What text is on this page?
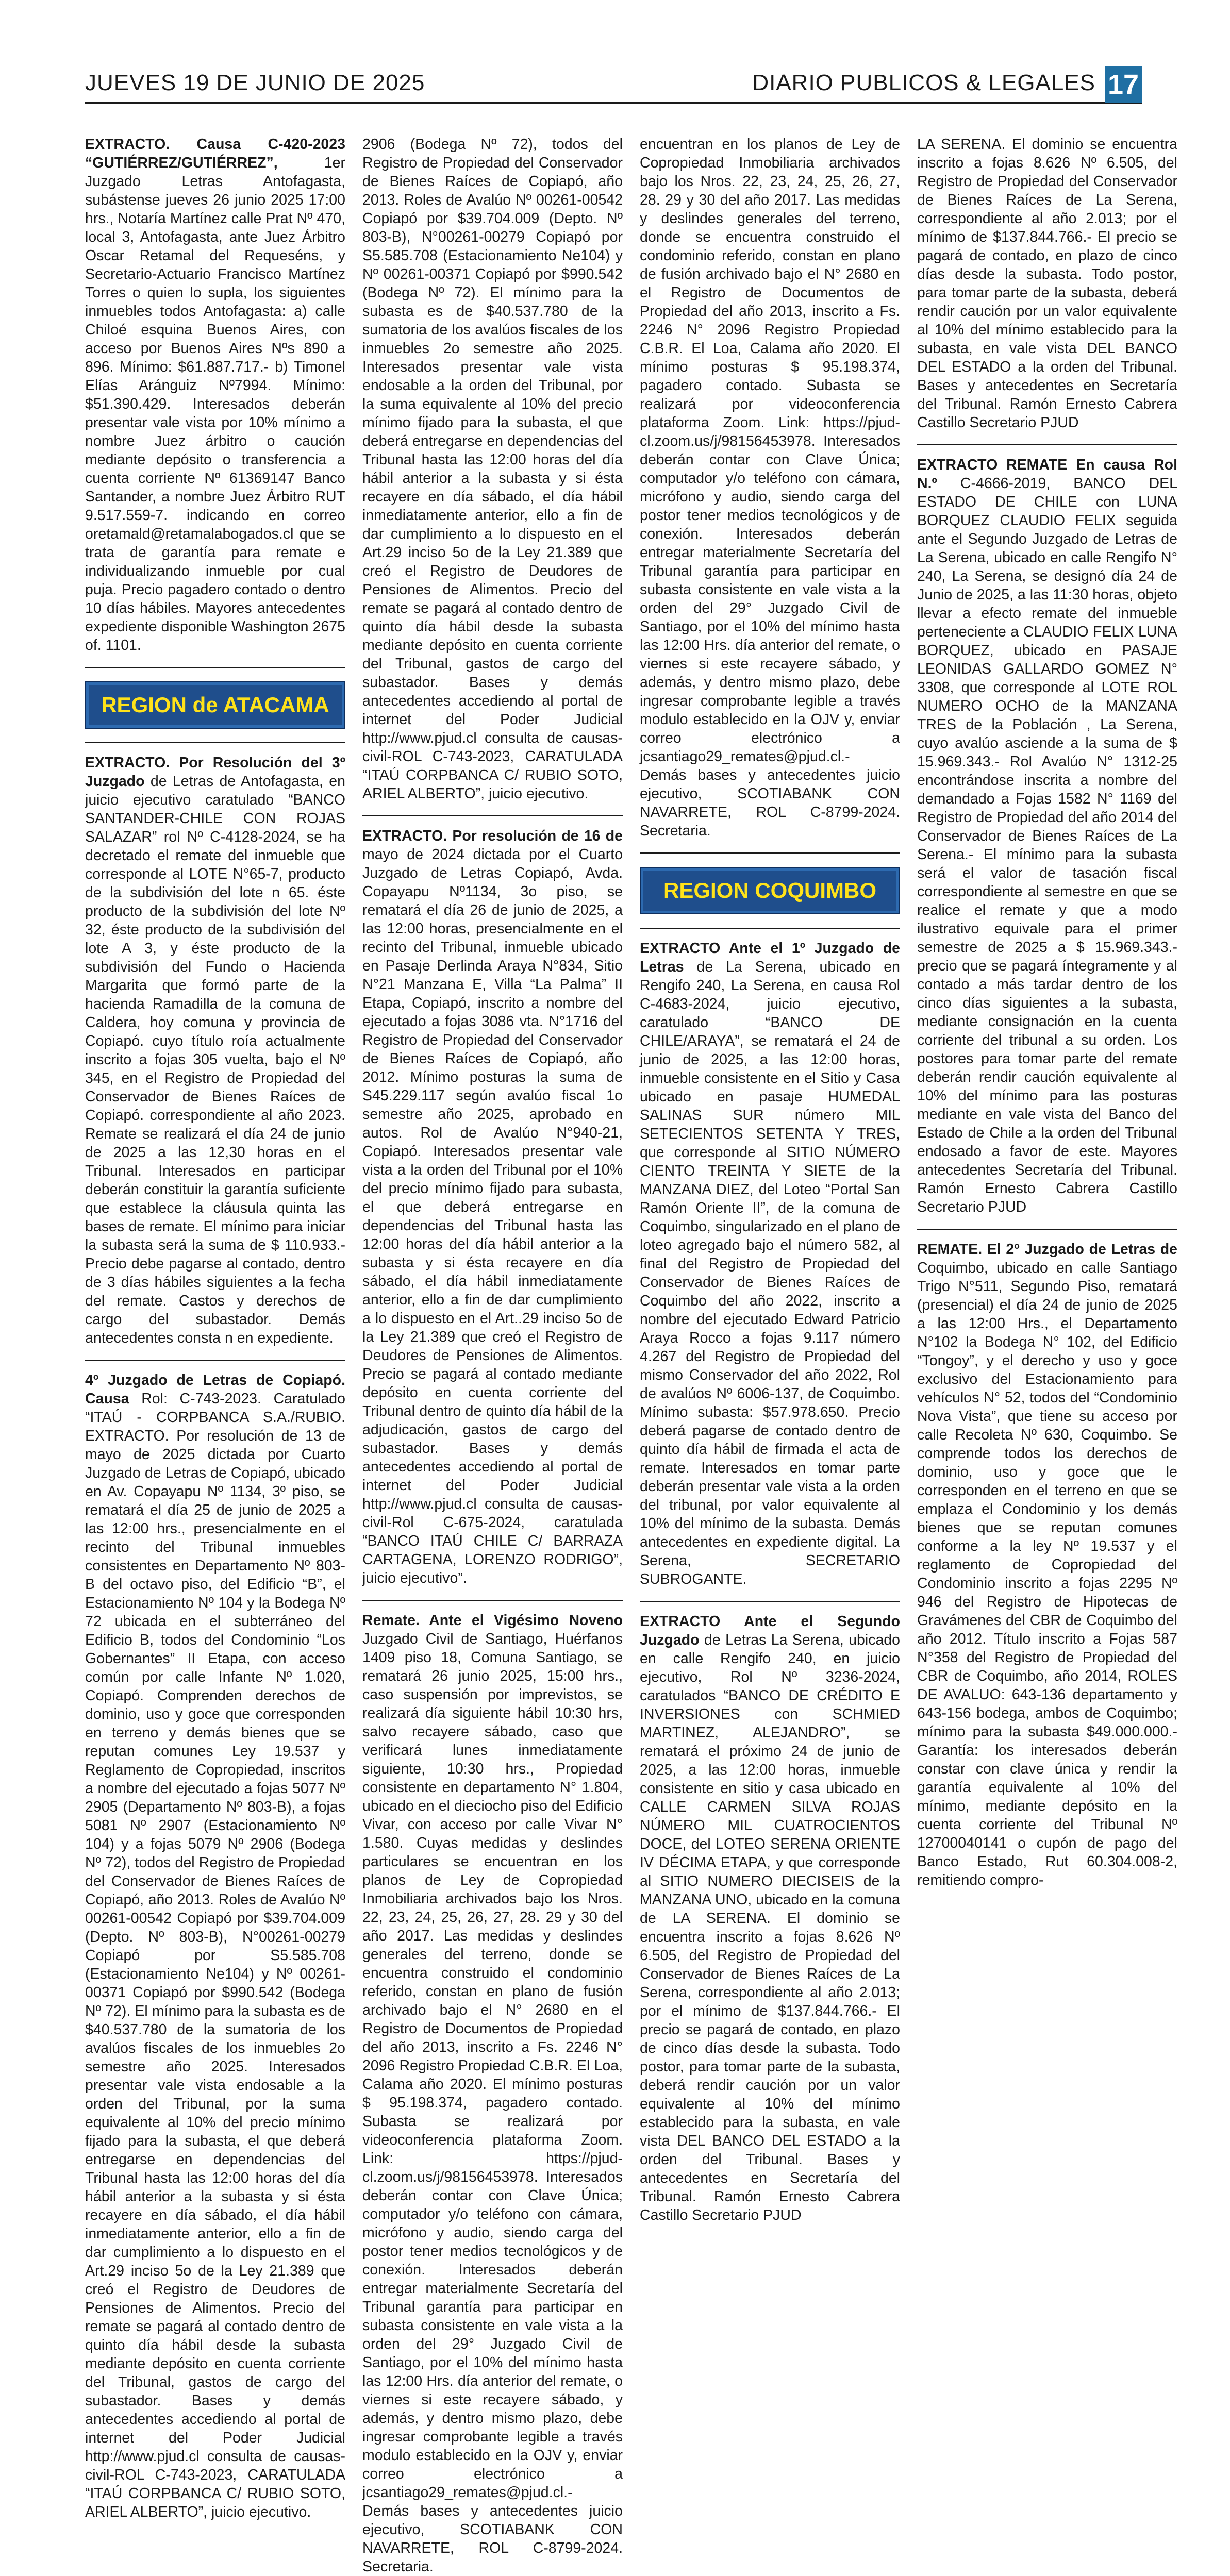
JUEVES 19 DE JUNIO DE 2025	DIARIO PUBLICOS & LEGALES 17

EXTRACTO. Causa C-420-2023 “GUTIÉRREZ/GUTIÉRREZ”,	1er Juzgado Letras Antofagasta, subástense jueves 26 junio 2025 17:00 hrs., Notaría Martínez calle Prat Nº 470, local 3, Antofagasta, ante Juez Árbitro Oscar Retamal del Requeséns, y Secretario-Actuario Francisco Martínez Torres o quien lo supla, los siguientes inmuebles todos Antofagasta: a) calle Chiloé esquina Buenos Aires, con acceso por Buenos Aires Nºs 890 a 896. Mínimo: $61.887.717.- b) Timonel Elías Aránguiz Nº7994. Mínimo: $51.390.429. Interesados deberán presentar vale vista por 10% mínimo a nombre Juez árbitro o caución mediante depósito o transferencia a cuenta corriente Nº 61369147 Banco Santander, a nombre Juez Árbitro RUT 9.517.559-7. indicando en correo oretamald@retamalabogados.cl que se trata de garantía para remate e individualizando inmueble por cual puja. Precio pagadero contado o dentro 10 días hábiles. Mayores antecedentes expediente disponible Washington 2675 of. 1101.

REGION de ATACAMA

EXTRACTO. Por Resolución del 3º Juzgado de Letras de Antofagasta, en juicio ejecutivo caratulado “BANCO SANTANDER-CHILE CON ROJAS SALAZAR” rol Nº C-4128-2024, se ha decretado el remate del inmueble que corresponde al LOTE N°65-7, producto de la subdivisión del lote n 65. éste producto de la subdivisión del lote Nº 32, éste producto de la subdivisión del lote A 3, y éste producto de la subdivisión del Fundo o Hacienda Margarita que formó parte de la hacienda Ramadilla de la comuna de Caldera, hoy comuna y provincia de Copiapó. cuyo título roía actualmente inscrito a fojas 305 vuelta, bajo el Nº 345, en el Registro de Propiedad del Conservador de Bienes Raíces de Copiapó. correspondiente al año 2023. Remate se realizará el día 24 de junio de 2025 a las 12,30 horas en el Tribunal. Interesados en participar deberán constituir la garantía suficiente que establece la cláusula quinta las bases de remate. El mínimo para iniciar la subasta será la suma de $ 110.933.- Precio debe pagarse al contado, dentro de 3 días hábiles siguientes a la fecha del remate. Castos y derechos de cargo del subastador. Demás antecedentes consta n en expediente.

4º Juzgado de Letras de Copiapó. Causa Rol: C-743-2023. Caratulado “ITAÚ - CORPBANCA S.A./RUBIO. EXTRACTO. Por resolución de 13 de mayo de 2025 dictada por Cuarto Juzgado de Letras de Copiapó, ubicado en Av. Copayapu Nº 1134, 3º piso, se rematará el día 25 de junio de 2025 a las 12:00 hrs., presencialmente en el recinto del Tribunal inmuebles consistentes en Departamento Nº 803-B del octavo piso, del Edificio “B”, el Estacionamiento Nº 104 y la Bodega Nº 72 ubicada en el subterráneo del Edificio B, todos del Condominio “Los Gobernantes” II Etapa, con acceso común por calle Infante Nº 1.020, Copiapó. Comprenden derechos de dominio, uso y goce que corresponden en terreno y demás bienes que se reputan comunes Ley 19.537 y Reglamento de Copropiedad, inscritos a nombre del ejecutado a fojas 5077 Nº 2905 (Departamento Nº 803-B), a fojas 5081 Nº 2907 (Estacionamiento Nº 104) y a fojas 5079 Nº 2906 (Bodega Nº 72), todos del Registro de Propiedad del Conservador de Bienes Raíces de Copiapó, año 2013. Roles de Avalúo Nº 00261-00542 Copiapó por $39.704.009 (Depto. Nº 803-B), N°00261-00279 Copiapó por S5.585.708 (Estacionamiento Ne104) y Nº 00261-00371 Copiapó por $990.542 (Bodega Nº 72). El mínimo para la subasta es de $40.537.780 de la sumatoria de los avalúos fiscales de los inmuebles 2o semestre año 2025. Interesados presentar vale vista endosable a la orden del Tribunal, por la suma equivalente al 10% del precio mínimo fijado para la subasta, el que deberá entregarse en dependencias del Tribunal hasta las 12:00 horas del día hábil anterior a la subasta y si ésta recayere en día sábado, el día hábil inmediatamente anterior, ello a fin de dar cumplimiento a lo dispuesto en el Art.29 inciso 5o de la Ley 21.389 que creó el Registro de Deudores de Pensiones de Alimentos. Precio del remate se pagará al contado dentro de quinto día hábil desde la subasta mediante depósito en cuenta corriente del Tribunal, gastos de cargo del subastador. Bases y demás antecedentes accediendo al portal de internet del Poder Judicial http://www.pjud.cl consulta de causas-civil-ROL C-743-2023, CARATULADA “ITAÚ CORPBANCA C/ RUBIO SOTO, ARIEL ALBERTO”, juicio ejecutivo.

2906 (Bodega Nº 72), todos del Registro de Propiedad del Conservador de Bienes Raíces de Copiapó, año 2013. Roles de Avalúo Nº 00261-00542 Copiapó por $39.704.009 (Depto. Nº 803-B), N°00261-00279 Copiapó por S5.585.708 (Estacionamiento Ne104) y Nº 00261-00371 Copiapó por $990.542 (Bodega Nº 72). El mínimo para la subasta es de $40.537.780 de la sumatoria de los avalúos fiscales de los inmuebles 2o semestre año 2025. Interesados presentar vale vista endosable a la orden del Tribunal, por la suma equivalente al 10% del precio mínimo fijado para la subasta, el que deberá entregarse en dependencias del Tribunal hasta las 12:00 horas del día hábil anterior a la subasta y si ésta recayere en día sábado, el día hábil inmediatamente anterior, ello a fin de dar cumplimiento a lo dispuesto en el Art.29 inciso 5o de la Ley 21.389 que creó el Registro de Deudores de Pensiones de Alimentos. Precio del remate se pagará al contado dentro de quinto día hábil desde la subasta mediante depósito en cuenta corriente del Tribunal, gastos de cargo del subastador. Bases y demás antecedentes accediendo al portal de internet del Poder Judicial http://www.pjud.cl consulta de causas-civil-ROL C-743-2023, CARATULADA “ITAÚ CORPBANCA C/ RUBIO SOTO, ARIEL ALBERTO”, juicio ejecutivo.

EXTRACTO. Por resolución de 16 de mayo de 2024 dictada por el Cuarto Juzgado de Letras Copiapó, Avda. Copayapu Nº1134, 3o piso, se rematará el día 26 de junio de 2025, a las 12:00 horas, presencialmente en el recinto del Tribunal, inmueble ubicado en Pasaje Derlinda Araya N°834, Sitio N°21 Manzana E, Villa “La Palma” II Etapa, Copiapó, inscrito a nombre del ejecutado a fojas 3086 vta. N°1716 del Registro de Propiedad del Conservador de Bienes Raíces de Copiapó, año 2012. Mínimo posturas la suma de S45.229.117 según avalúo fiscal 1o semestre año 2025, aprobado en autos. Rol de Avalúo N°940-21, Copiapó. Interesados presentar vale vista a la orden del Tribunal por el 10% del precio mínimo fijado para subasta, el que deberá entregarse en dependencias del Tribunal hasta las 12:00 horas del día hábil anterior a la subasta y si ésta recayere en día sábado, el día hábil inmediatamente anterior, ello a fin de dar cumplimiento a lo dispuesto en el Art..29 inciso 5o de la Ley 21.389 que creó el Registro de Deudores de Pensiones de Alimentos. Precio se pagará al contado mediante depósito en cuenta corriente del Tribunal dentro de quinto día hábil de la adjudicación, gastos de cargo del subastador. Bases y demás antecedentes accediendo al portal de internet del Poder Judicial http://www.pjud.cl consulta de causas-civil-Rol C-675-2024, caratulada “BANCO ITAÚ CHILE C/ BARRAZA CARTAGENA, LORENZO RODRIGO”, juicio ejecutivo”.

Remate. Ante el Vigésimo Noveno Juzgado Civil de Santiago, Huérfanos 1409 piso 18, Comuna Santiago, se rematará 26 junio 2025, 15:00 hrs., caso suspensión por imprevistos, se realizará día siguiente hábil 10:30 hrs, salvo recayere sábado, caso que verificará lunes inmediatamente siguiente, 10:30 hrs., Propiedad consistente en departamento N° 1.804, ubicado en el dieciocho piso del Edificio Vivar, con acceso por calle Vivar N° 1.580. Cuyas medidas y deslindes particulares se encuentran en los planos de Ley de Copropiedad Inmobiliaria archivados bajo los Nros. 22, 23, 24, 25, 26, 27, 28. 29 y 30 del año 2017. Las medidas y deslindes generales del terreno, donde se encuentra construido el condominio referido, constan en plano de fusión archivado bajo el N° 2680 en el Registro de Documentos de Propiedad del año 2013, inscrito a Fs. 2246 N° 2096 Registro Propiedad C.B.R. El Loa, Calama año 2020. El mínimo posturas $ 95.198.374, pagadero contado. Subasta se realizará por videoconferencia plataforma Zoom. Link: https://pjud-cl.zoom.us/j/98156453978. Interesados deberán contar con Clave Única; computador y/o teléfono con cámara, micrófono y audio, siendo carga del postor tener medios tecnológicos y de conexión. Interesados deberán entregar materialmente Secretaría del Tribunal garantía para participar en subasta consistente en vale vista a la orden del 29° Juzgado Civil de Santiago, por el 10% del mínimo hasta las 12:00 Hrs. día anterior del remate, o viernes si este recayere sábado, y además, y dentro mismo plazo, debe ingresar comprobante legible a través modulo establecido en la OJV y, enviar correo electrónico a jcsantiago29_remates@pjud.cl.- Demás bases y antecedentes juicio ejecutivo, SCOTIABANK CON NAVARRETE, ROL C-8799-2024. Secretaria.

encuentran en los planos de Ley de Copropiedad Inmobiliaria archivados bajo los Nros. 22, 23, 24, 25, 26, 27, 28. 29 y 30 del año 2017. Las medidas y deslindes generales del terreno, donde se encuentra construido el condominio referido, constan en plano de fusión archivado bajo el N° 2680 en el Registro de Documentos de Propiedad del año 2013, inscrito a Fs. 2246 N° 2096 Registro Propiedad C.B.R. El Loa, Calama año 2020. El mínimo posturas $ 95.198.374, pagadero contado. Subasta se realizará por videoconferencia plataforma Zoom. Link: https://pjud-cl.zoom.us/j/98156453978. Interesados deberán contar con Clave Única; computador y/o teléfono con cámara, micrófono y audio, siendo carga del postor tener medios tecnológicos y de conexión. Interesados deberán entregar materialmente Secretaría del Tribunal garantía para participar en subasta consistente en vale vista a la orden del 29° Juzgado Civil de Santiago, por el 10% del mínimo hasta las 12:00 Hrs. día anterior del remate, o viernes si este recayere sábado, y además, y dentro mismo plazo, debe ingresar comprobante legible a través modulo establecido en la OJV y, enviar correo electrónico a jcsantiago29_remates@pjud.cl.- Demás bases y antecedentes juicio ejecutivo, SCOTIABANK CON NAVARRETE, ROL C-8799-2024. Secretaria.

REGION COQUIMBO

EXTRACTO Ante el 1º Juzgado de Letras de La Serena, ubicado en Rengifo 240, La Serena, en causa Rol C-4683-2024, juicio ejecutivo, caratulado “BANCO DE CHILE/ARAYA”, se rematará el 24 de junio de 2025, a las 12:00 horas, inmueble consistente en el Sitio y Casa ubicado en pasaje HUMEDAL SALINAS SUR número MIL SETECIENTOS SETENTA Y TRES, que corresponde al SITIO NÚMERO CIENTO TREINTA Y SIETE de la MANZANA DIEZ, del Loteo “Portal San Ramón Oriente II”, de la comuna de Coquimbo, singularizado en el plano de loteo agregado bajo el número 582, al final del Registro de Propiedad del Conservador de Bienes Raíces de Coquimbo del año 2022, inscrito a nombre del ejecutado Edward Patricio Araya Rocco a fojas 9.117 número 4.267 del Registro de Propiedad del mismo Conservador del año 2022, Rol de avalúos Nº 6006-137, de Coquimbo. Mínimo subasta: $57.978.650. Precio deberá pagarse de contado dentro de quinto día hábil de firmada el acta de remate. Interesados en tomar parte deberán presentar vale vista a la orden del tribunal, por valor equivalente al 10% del mínimo de la subasta. Demás antecedentes en expediente digital. La Serena, SECRETARIO SUBROGANTE.

EXTRACTO Ante el Segundo Juzgado de Letras La Serena, ubicado en calle Rengifo 240, en juicio ejecutivo, Rol Nº 3236-2024, caratulados “BANCO DE CRÉDITO E INVERSIONES con SCHMIED MARTINEZ, ALEJANDRO”, se rematará el próximo 24 de junio de 2025, a las 12:00 horas, inmueble consistente en sitio y casa ubicado en CALLE CARMEN SILVA ROJAS NÚMERO MIL CUATROCIENTOS DOCE, del LOTEO SERENA ORIENTE IV DÉCIMA ETAPA, y que corresponde al SITIO NUMERO DIECISEIS de la MANZANA UNO, ubicado en la comuna de LA SERENA. El dominio se encuentra inscrito a fojas 8.626 Nº 6.505, del Registro de Propiedad del Conservador de Bienes Raíces de La Serena, correspondiente al año 2.013; por el mínimo de $137.844.766.- El precio se pagará de contado, en plazo de cinco días desde la subasta. Todo postor, para tomar parte de la subasta, deberá rendir caución por un valor equivalente al 10% del mínimo establecido para la subasta, en vale vista DEL BANCO DEL ESTADO a la orden del Tribunal. Bases y antecedentes en Secretaría del Tribunal. Ramón Ernesto Cabrera Castillo Secretario PJUD

LA SERENA. El dominio se encuentra inscrito a fojas 8.626 Nº 6.505, del Registro de Propiedad del Conservador de Bienes Raíces de La Serena, correspondiente al año 2.013; por el mínimo de $137.844.766.- El precio se pagará de contado, en plazo de cinco días desde la subasta. Todo postor, para tomar parte de la subasta, deberá rendir caución por un valor equivalente al 10% del mínimo establecido para la subasta, en vale vista DEL BANCO DEL ESTADO a la orden del Tribunal. Bases y antecedentes en Secretaría del Tribunal. Ramón Ernesto Cabrera Castillo Secretario PJUD

EXTRACTO REMATE En causa Rol N.º C-4666-2019, BANCO DEL ESTADO DE CHILE con LUNA BORQUEZ CLAUDIO FELIX seguida ante el Segundo Juzgado de Letras de La Serena, ubicado en calle Rengifo N° 240, La Serena, se designó día 24 de Junio de 2025, a las 11:30 horas, objeto llevar a efecto remate del inmueble perteneciente a CLAUDIO FELIX LUNA BORQUEZ, ubicado en PASAJE LEONIDAS GALLARDO GOMEZ N° 3308, que corresponde al LOTE ROL NUMERO OCHO de la MANZANA TRES de la Población , La Serena, cuyo avalúo asciende a la suma de $ 15.969.343.- Rol Avalúo N° 1312-25 encontrándose inscrita a nombre del demandado a Fojas 1582 N° 1169 del Registro de Propiedad del año 2014 del Conservador de Bienes Raíces de La Serena.- El mínimo para la subasta será el valor de tasación fiscal correspondiente al semestre en que se realice el remate y que a modo ilustrativo equivale para el primer semestre de 2025 a $ 15.969.343.- precio que se pagará íntegramente y al contado a más tardar dentro de los cinco días siguientes a la subasta, mediante consignación en la cuenta corriente del tribunal a su orden. Los postores para tomar parte del remate deberán rendir caución equivalente al 10% del mínimo para las posturas mediante en vale vista del Banco del Estado de Chile a la orden del Tribunal endosado a favor de este. Mayores antecedentes Secretaría del Tribunal. Ramón Ernesto Cabrera Castillo Secretario PJUD

REMATE. El 2º Juzgado de Letras de Coquimbo, ubicado en calle Santiago Trigo N°511, Segundo Piso, rematará (presencial) el día 24 de junio de 2025 a las 12:00 Hrs., el Departamento N°102 la Bodega N° 102, del Edificio “Tongoy”, y el derecho y uso y goce exclusivo del Estacionamiento para vehículos N° 52, todos del “Condominio Nova Vista”, que tiene su acceso por calle Recoleta Nº 630, Coquimbo. Se comprende todos los derechos de dominio, uso y goce que le corresponden en el terreno en que se emplaza el Condominio y los demás bienes que se reputan comunes conforme a la ley Nº 19.537 y el reglamento de Copropiedad del Condominio inscrito a fojas 2295 Nº 946 del Registro de Hipotecas de Gravámenes del CBR de Coquimbo del año 2012. Título inscrito a Fojas 587 N°358 del Registro de Propiedad del CBR de Coquimbo, año 2014, ROLES DE AVALUO: 643-136 departamento y 643-156 bodega, ambos de Coquimbo; mínimo para la subasta $49.000.000.- Garantía: los interesados deberán constar con clave única y rendir la garantía equivalente al 10% del mínimo, mediante depósito en la cuenta corriente del Tribunal Nº 12700040141 o cupón de pago del Banco Estado, Rut 60.304.008-2, remitiendo compro-
